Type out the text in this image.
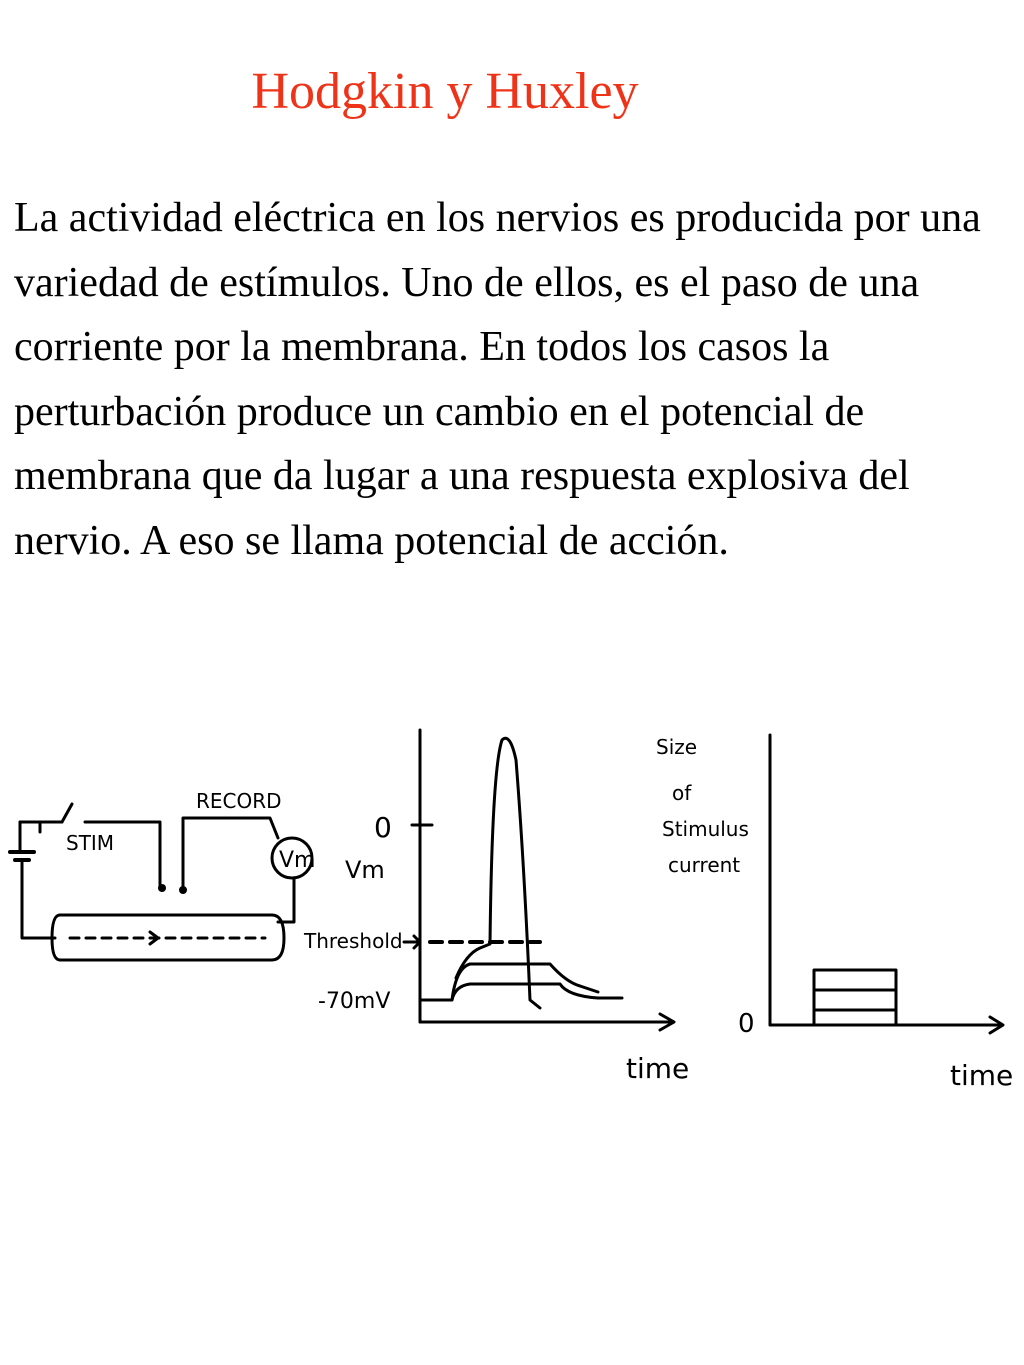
Hodgkin y Huxley

La actividad eléctrica en los nervios es producida por una variedad de estímulos. Uno de ellos, es el paso de una corriente por la membrana. En todos los casos la perturbación produce un cambio en el potencial de membrana que da lugar a una respuesta explosiva del nervio. A eso se llama potencial de acción.

STIM
Vm
RECORD
0
Vm
Threshold
-70mV
time
Size of Stimulus current
0
time
